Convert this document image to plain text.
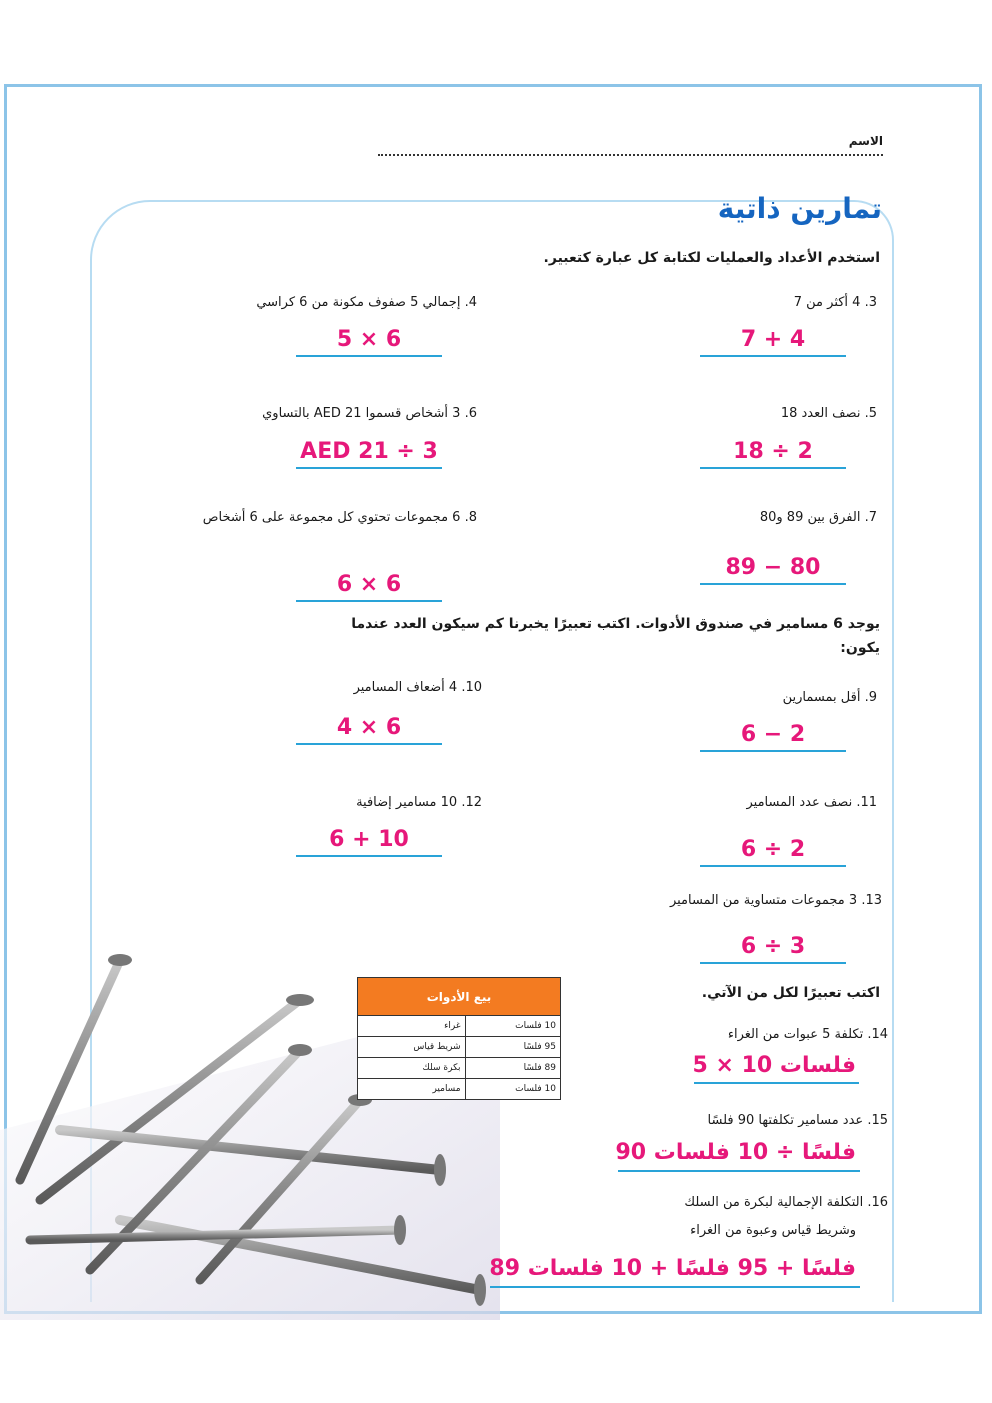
الاسم
تمارين ذاتية
استخدم الأعداد والعمليات لكتابة كل عبارة كتعبير.
3. 4 أكثر من 7
7 + 4
4. إجمالي 5 صفوف مكونة من 6 كراسي
5 × 6
5. نصف العدد 18
18 ÷ 2
6. 3 أشخاص قسموا AED 21 بالتساوي
AED 21 ÷ 3
7. الفرق بين 89 و80
89 − 80
8. 6 مجموعات تحتوي كل مجموعة على 6 أشخاص
6 × 6
يوجد 6 مسامير في صندوق الأدوات. اكتب تعبيرًا يخبرنا كم سيكون العدد عندما يكون:
9. أقل بمسمارين
6 − 2
10. 4 أضعاف المسامير
4 × 6
11. نصف عدد المسامير
6 ÷ 2
12. 10 مسامير إضافية
6 + 10
13. 3 مجموعات متساوية من المسامير
6 ÷ 3
اكتب تعبيرًا لكل من الآتي.
14. تكلفة 5 عبوات من الغراء
5 × 10 فلسات
15. عدد مسامير تكلفتها 90 فلسًا
90 فلسًا ÷ 10 فلسات
16. التكلفة الإجمالية لبكرة من السلك
وشريط قياس وعبوة من الغراء
89 فلسًا + 95 فلسًا + 10 فلسات
بيع الأدوات	
غراء	10 فلسات
شريط قياس	95 فلسًا
بكرة سلك	89 فلسًا
مسامير	10 فلسات
